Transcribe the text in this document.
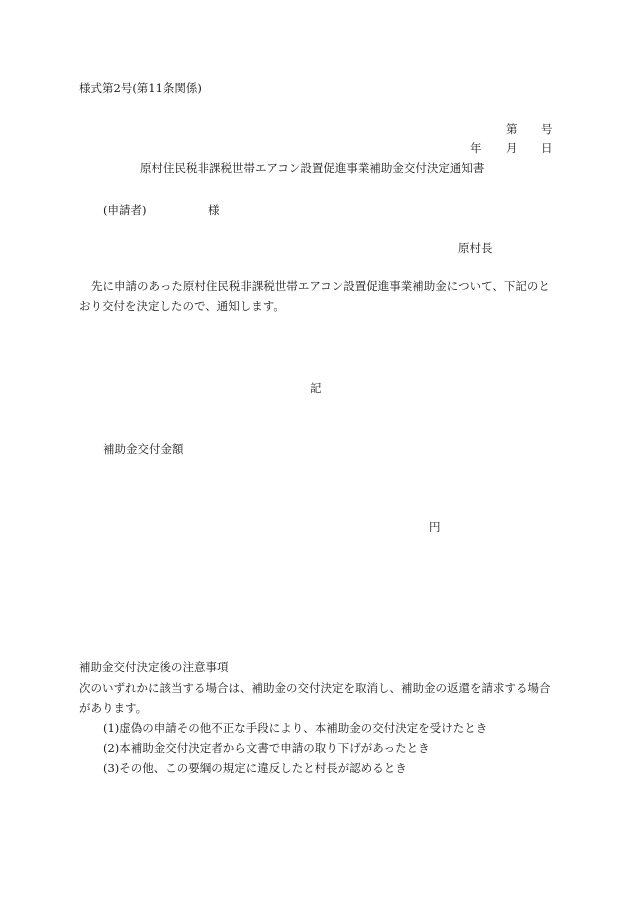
様式第2号(第11条関係)
第 号
年 月 日
原村住民税非課税世帯エアコン設置促進事業補助金交付決定通知書
(申請者)	様
原村長
先に申請のあった原村住民税非課税世帯エアコン設置促進事業補助金について、下記のとおり交付を決定したので、通知します。
記
補助金交付金額
円
補助金交付決定後の注意事項
次のいずれかに該当する場合は、補助金の交付決定を取消し、補助金の返還を請求する場合があります。
(1)虚偽の申請その他不正な手段により、本補助金の交付決定を受けたとき
(2)本補助金交付決定者から文書で申請の取り下げがあったとき
(3)その他、この要綱の規定に違反したと村長が認めるとき
